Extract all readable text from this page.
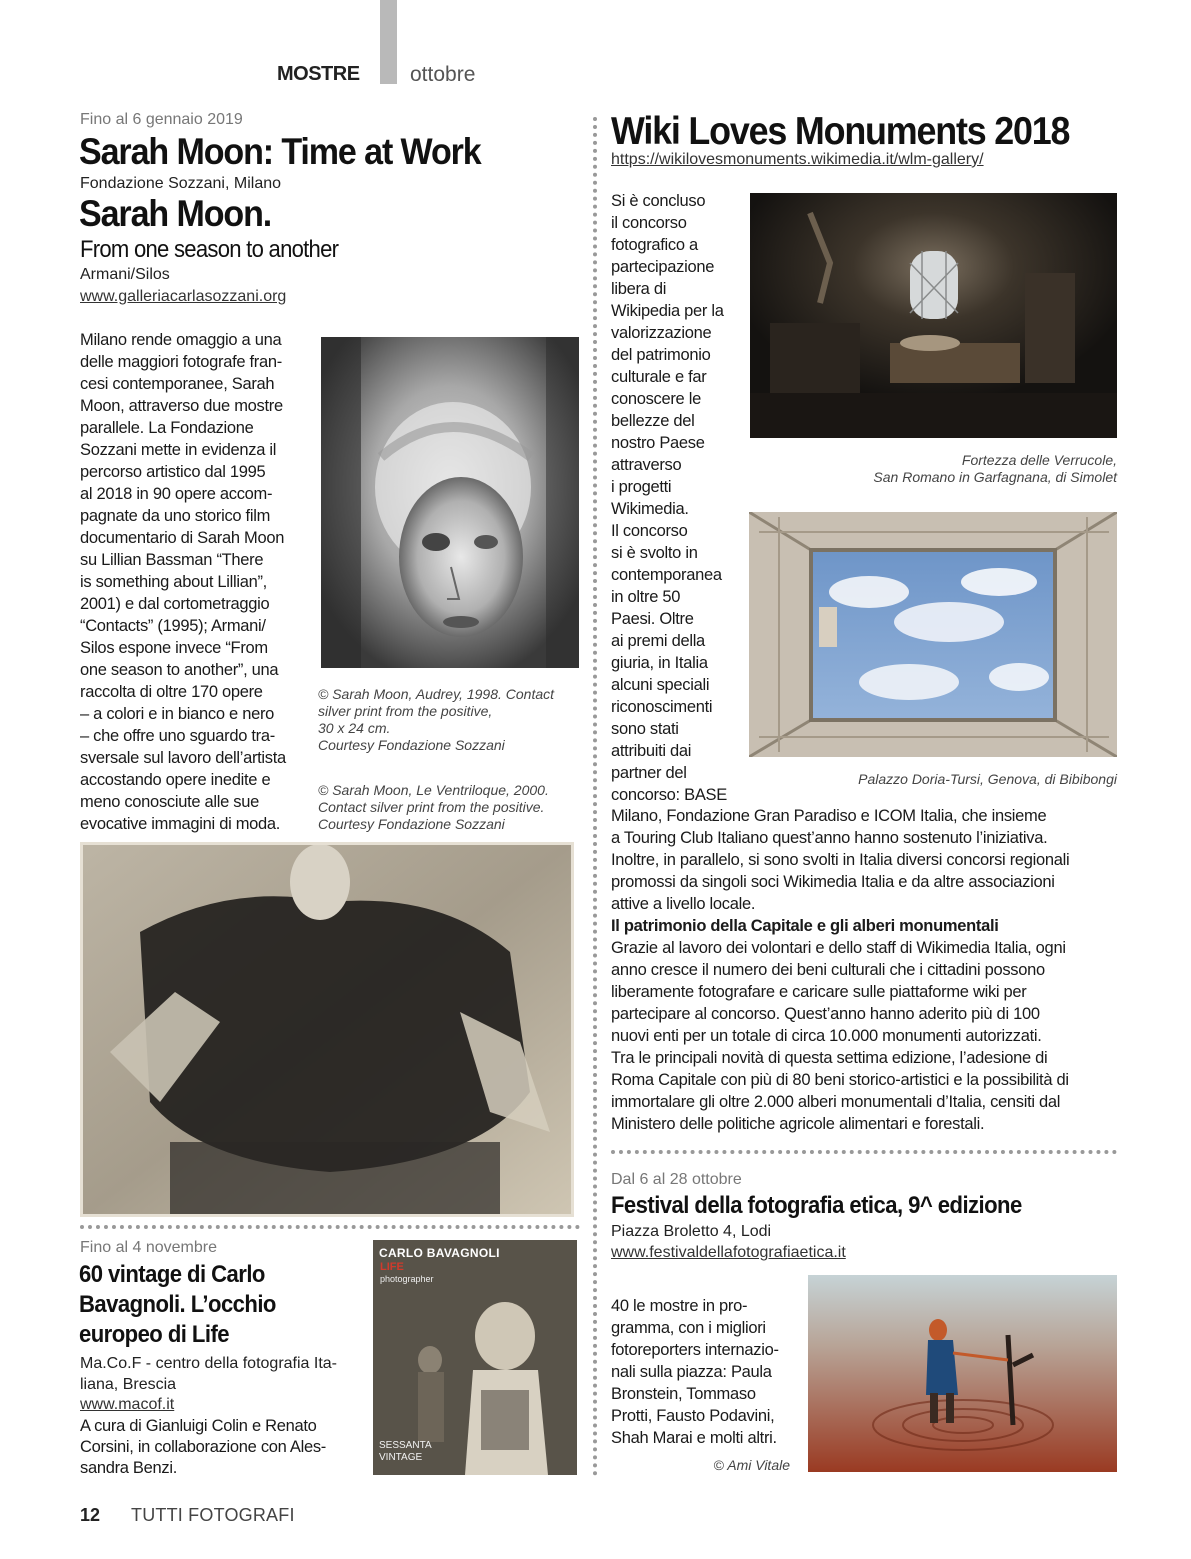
MOSTRE ottobre
Fino al 6 gennaio 2019
Sarah Moon: Time at Work
Fondazione Sozzani, Milano
Sarah Moon.
From one season to another
Armani/Silos
www.galleriacarlasozzani.org
Milano rende omaggio a una
delle maggiori fotografe fran-
cesi contemporanee, Sarah
Moon, attraverso due mostre
parallele. La Fondazione
Sozzani mette in evidenza il
percorso artistico dal 1995
al 2018 in 90 opere accom-
pagnate da uno storico film
documentario di Sarah Moon
su Lillian Bassman “There
is something about Lillian”,
2001) e dal cortometraggio
“Contacts” (1995); Armani/
Silos espone invece “From
one season to another”, una
raccolta di oltre 170 opere
– a colori e in bianco e nero
– che offre uno sguardo tra-
sversale sul lavoro dell’artista
accostando opere inedite e
meno conosciute alle sue
evocative immagini di moda.
© Sarah Moon, Audrey, 1998. Contact
silver print from the positive,
30 x 24 cm.
Courtesy Fondazione Sozzani
© Sarah Moon, Le Ventriloque, 2000.
Contact silver print from the positive.
Courtesy Fondazione Sozzani
Fino al 4 novembre
60 vintage di Carlo
Bavagnoli. L’occhio
europeo di Life
Ma.Co.F - centro della fotografia Ita-
liana, Brescia
www.macof.it
A cura di Gianluigi Colin e Renato
Corsini, in collaborazione con Ales-
sandra Benzi.
CARLO BAVAGNOLI
LIFE
photographer
SESSANTA
VINTAGE
Wiki Loves Monuments 2018
https://wikilovesmonuments.wikimedia.it/wlm-gallery/
Si è concluso
il concorso
fotografico a
partecipazione
libera di
Wikipedia per la
valorizzazione
del patrimonio
culturale e far
conoscere le
bellezze del
nostro Paese
attraverso
i progetti
Wikimedia.
Il concorso
si è svolto in
contemporanea
in oltre 50
Paesi. Oltre
ai premi della
giuria, in Italia
alcuni speciali
riconoscimenti
sono stati
attribuiti dai
partner del
concorso: BASE
Fortezza delle Verrucole,
San Romano in Garfagnana, di Simolet
Palazzo Doria-Tursi, Genova, di Bibibongi
Milano, Fondazione Gran Paradiso e ICOM Italia, che insieme
a Touring Club Italiano quest’anno hanno sostenuto l’iniziativa.
Inoltre, in parallelo, si sono svolti in Italia diversi concorsi regionali
promossi da singoli soci Wikimedia Italia e da altre associazioni
attive a livello locale.
Il patrimonio della Capitale e gli alberi monumentali
Grazie al lavoro dei volontari e dello staff di Wikimedia Italia, ogni
anno cresce il numero dei beni culturali che i cittadini possono
liberamente fotografare e caricare sulle piattaforme wiki per
partecipare al concorso. Quest’anno hanno aderito più di 100
nuovi enti per un totale di circa 10.000 monumenti autorizzati.
Tra le principali novità di questa settima edizione, l’adesione di
Roma Capitale con più di 80 beni storico-artistici e la possibilità di
immortalare gli oltre 2.000 alberi monumentali d’Italia, censiti dal
Ministero delle politiche agricole alimentari e forestali.
Dal 6 al 28 ottobre
Festival della fotografia etica, 9^ edizione
Piazza Broletto 4, Lodi
www.festivaldellafotografiaetica.it
40 le mostre in pro-
gramma, con i migliori
fotoreporters internazio-
nali sulla piazza: Paula
Bronstein, Tommaso
Protti, Fausto Podavini,
Shah Marai e molti altri.
© Ami Vitale
12 TUTTI FOTOGRAFI
